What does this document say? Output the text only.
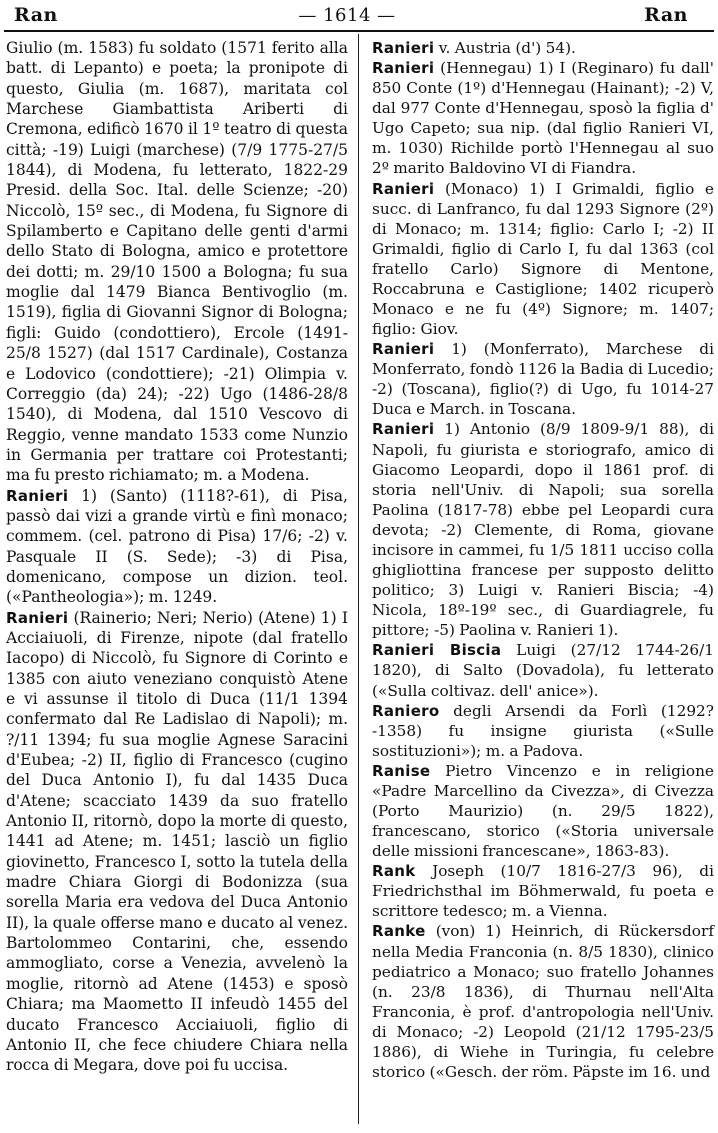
Ran	— 1614 —	Ran

Giulio (m. 1583) fu soldato (1571 ferito alla batt. di Lepanto) e poeta; la pronipote di questo, Giulia (m. 1687), maritata col Marchese Giambattista Ariberti di Cremona, edificò 1670 il 1º teatro di questa città; -19) Luigi (marchese) (7/9 1775-27/5 1844), di Modena, fu letterato, 1822-29 Presid. della Soc. Ital. delle Scienze; -20) Niccolò, 15º sec., di Modena, fu Signore di Spilamberto e Capitano delle genti d'armi dello Stato di Bologna, amico e protettore dei dotti; m. 29/10 1500 a Bologna; fu sua moglie dal 1479 Bianca Bentivoglio (m. 1519), figlia di Giovanni Signor di Bologna; figli: Guido (condottiero), Ercole (1491-25/8 1527) (dal 1517 Cardinale), Costanza e Lodovico (condottiere); -21) Olimpia v. Correggio (da) 24); -22) Ugo (1486-28/8 1540), di Modena, dal 1510 Vescovo di Reggio, venne mandato 1533 come Nunzio in Germania per trattare coi Protestanti; ma fu presto richiamato; m. a Modena.

Ranieri 1) (Santo) (1118?-61), di Pisa, passò dai vizi a grande virtù e finì monaco; commem. (cel. patrono di Pisa) 17/6; -2) v. Pasquale II (S. Sede); -3) di Pisa, domenicano, compose un dizion. teol. («Pantheologia»); m. 1249.

Ranieri (Rainerio; Neri; Nerio) (Atene) 1) I Acciaiuoli, di Firenze, nipote (dal fratello Iacopo) di Niccolò, fu Signore di Corinto e 1385 con aiuto veneziano conquistò Atene e vi assunse il titolo di Duca (11/1 1394 confermato dal Re Ladislao di Napoli); m. ?/11 1394; fu sua moglie Agnese Saracini d'Eubea; -2) II, figlio di Francesco (cugino del Duca Antonio I), fu dal 1435 Duca d'Atene; scacciato 1439 da suo fratello Antonio II, ritornò, dopo la morte di questo, 1441 ad Atene; m. 1451; lasciò un figlio giovinetto, Francesco I, sotto la tutela della madre Chiara Giorgi di Bodonizza (sua sorella Maria era vedova del Duca Antonio II), la quale offerse mano e ducato al venez. Bartolommeo Contarini, che, essendo ammogliato, corse a Venezia, avvelenò la moglie, ritornò ad Atene (1453) e sposò Chiara; ma Maometto II infeudò 1455 del ducato Francesco Acciaiuoli, figlio di Antonio II, che fece chiudere Chiara nella rocca di Megara, dove poi fu uccisa.

Ranieri v. Austria (d') 54).

Ranieri (Hennegau) 1) I (Reginaro) fu dall' 850 Conte (1º) d'Hennegau (Hainant); -2) V, dal 977 Conte d'Hennegau, sposò la figlia d' Ugo Capeto; sua nip. (dal figlio Ranieri VI, m. 1030) Richilde portò l'Hennegau al suo 2º marito Baldovino VI di Fiandra.

Ranieri (Monaco) 1) I Grimaldi, figlio e succ. di Lanfranco, fu dal 1293 Signore (2º) di Monaco; m. 1314; figlio: Carlo I; -2) II Grimaldi, figlio di Carlo I, fu dal 1363 (col fratello Carlo) Signore di Mentone, Roccabruna e Castiglione; 1402 ricuperò Monaco e ne fu (4º) Signore; m. 1407; figlio: Giov.

Ranieri 1) (Monferrato), Marchese di Monferrato, fondò 1126 la Badia di Lucedio; -2) (Toscana), figlio(?) di Ugo, fu 1014-27 Duca e March. in Toscana.

Ranieri 1) Antonio (8/9 1809-9/1 88), di Napoli, fu giurista e storiografo, amico di Giacomo Leopardi, dopo il 1861 prof. di storia nell'Univ. di Napoli; sua sorella Paolina (1817-78) ebbe pel Leopardi cura devota; -2) Clemente, di Roma, giovane incisore in cammei, fu 1/5 1811 ucciso colla ghigliottina francese per supposto delitto politico; 3) Luigi v. Ranieri Biscia; -4) Nicola, 18º-19º sec., di Guardiagrele, fu pittore; -5) Paolina v. Ranieri 1).

Ranieri Biscia Luigi (27/12 1744-26/1 1820), di Salto (Dovadola), fu letterato («Sulla coltivaz. dell' anice»).

Raniero degli Arsendi da Forlì (1292?-1358) fu insigne giurista («Sulle sostituzioni»); m. a Padova.

Ranise Pietro Vincenzo e in religione «Padre Marcellino da Civezza», di Civezza (Porto Maurizio) (n. 29/5 1822), francescano, storico («Storia universale delle missioni francescane», 1863-83).

Rank Joseph (10/7 1816-27/3 96), di Friedrichsthal im Böhmerwald, fu poeta e scrittore tedesco; m. a Vienna.

Ranke (von) 1) Heinrich, di Rückersdorf nella Media Franconia (n. 8/5 1830), clinico pediatrico a Monaco; suo fratello Johannes (n. 23/8 1836), di Thurnau nell'Alta Franconia, è prof. d'antropologia nell'Univ. di Monaco; -2) Leopold (21/12 1795-23/5 1886), di Wiehe in Turingia, fu celebre storico («Gesch. der röm. Päpste im 16. und
